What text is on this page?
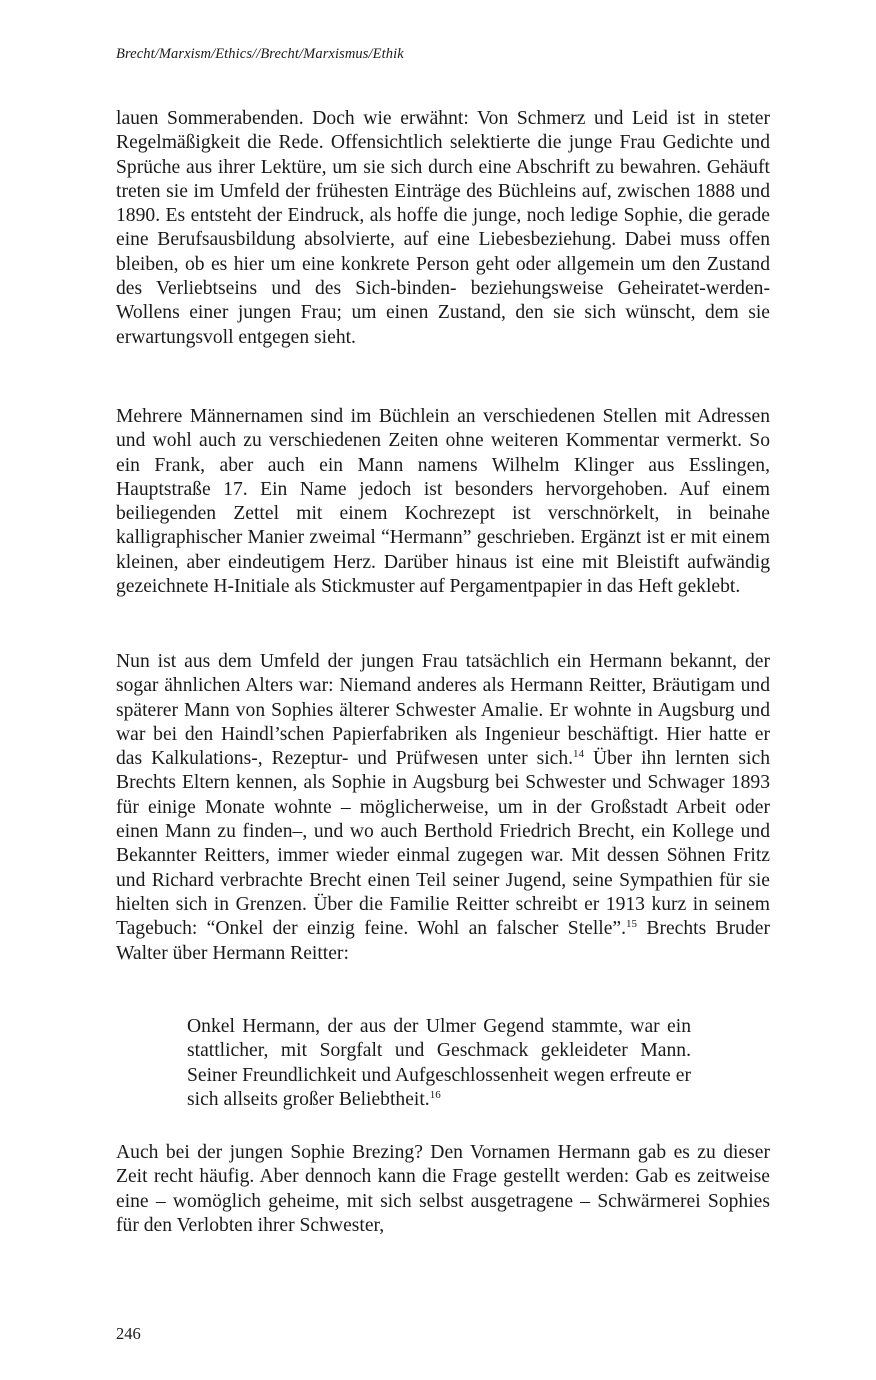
Brecht/Marxism/Ethics//Brecht/Marxismus/Ethik

lauen Sommerabenden. Doch wie erwähnt: Von Schmerz und Leid ist in steter Regelmäßigkeit die Rede. Offensichtlich selektierte die junge Frau Gedichte und Sprüche aus ihrer Lektüre, um sie sich durch eine Abschrift zu bewahren. Gehäuft treten sie im Umfeld der frühesten Einträge des Büchleins auf, zwischen 1888 und 1890. Es entsteht der Eindruck, als hoffe die junge, noch ledige Sophie, die gerade eine Berufsausbildung absolvierte, auf eine Liebesbeziehung. Dabei muss offen bleiben, ob es hier um eine konkrete Person geht oder allgemein um den Zustand des Verliebtseins und des Sich-binden- beziehungsweise Geheiratet-werden-Wollens einer jungen Frau; um einen Zustand, den sie sich wünscht, dem sie erwartungsvoll entgegen sieht.

Mehrere Männernamen sind im Büchlein an verschiedenen Stellen mit Adressen und wohl auch zu verschiedenen Zeiten ohne weiteren Kommentar vermerkt. So ein Frank, aber auch ein Mann namens Wilhelm Klinger aus Esslingen, Hauptstraße 17. Ein Name jedoch ist besonders hervorgehoben. Auf einem beiliegenden Zettel mit einem Kochrezept ist verschnörkelt, in beinahe kalligraphischer Manier zweimal “Hermann” geschrieben. Ergänzt ist er mit einem kleinen, aber eindeutigem Herz. Darüber hinaus ist eine mit Bleistift aufwändig gezeichnete H-Initiale als Stickmuster auf Pergamentpapier in das Heft geklebt.

Nun ist aus dem Umfeld der jungen Frau tatsächlich ein Hermann bekannt, der sogar ähnlichen Alters war: Niemand anderes als Hermann Reitter, Bräutigam und späterer Mann von Sophies älterer Schwester Amalie. Er wohnte in Augsburg und war bei den Haindl’schen Papierfabriken als Ingenieur beschäftigt. Hier hatte er das Kalkulations-, Rezeptur- und Prüfwesen unter sich.$^{14}$ Über ihn lernten sich Brechts Eltern kennen, als Sophie in Augsburg bei Schwester und Schwager 1893 für einige Monate wohnte – möglicherweise, um in der Großstadt Arbeit oder einen Mann zu finden–, und wo auch Berthold Friedrich Brecht, ein Kollege und Bekannter Reitters, immer wieder einmal zugegen war. Mit dessen Söhnen Fritz und Richard verbrachte Brecht einen Teil seiner Jugend, seine Sympathien für sie hielten sich in Grenzen. Über die Familie Reitter schreibt er 1913 kurz in seinem Tagebuch: “Onkel der einzig feine. Wohl an falscher Stelle”.$^{15}$ Brechts Bruder Walter über Hermann Reitter:

Onkel Hermann, der aus der Ulmer Gegend stammte, war ein stattlicher, mit Sorgfalt und Geschmack gekleideter Mann. Seiner Freundlichkeit und Aufgeschlossenheit wegen erfreute er sich allseits großer Beliebtheit.$^{16}$

Auch bei der jungen Sophie Brezing? Den Vornamen Hermann gab es zu dieser Zeit recht häufig. Aber dennoch kann die Frage gestellt werden: Gab es zeitweise eine – womöglich geheime, mit sich selbst ausgetragene – Schwärmerei Sophies für den Verlobten ihrer Schwester,

246
